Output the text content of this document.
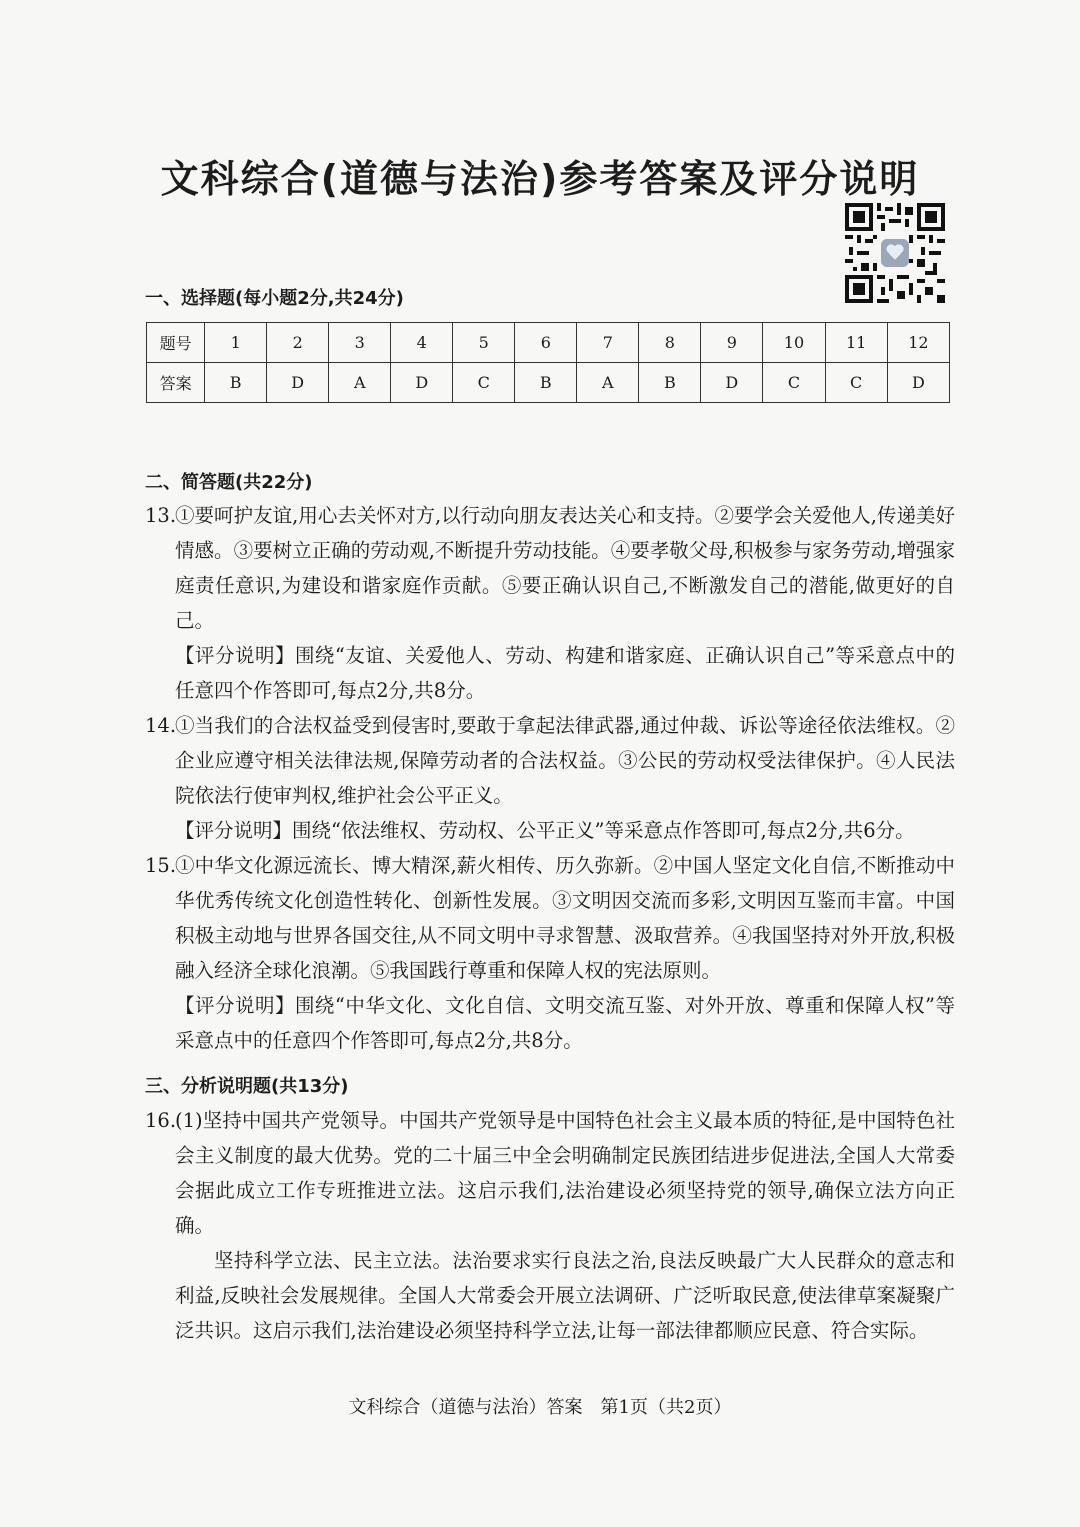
文科综合(道德与法治)参考答案及评分说明
一、选择题(每小题2分,共24分)
题号	1	2	3	4	5	6	7	8	9	10	11	12
答案	B	D	A	D	C	B	A	B	D	C	C	D
二、简答题(共22分)

13.
①要呵护友谊,用心去关怀对方,以行动向朋友表达关心和支持。②要学会关爱他人,传递美好情感。③要树立正确的劳动观,不断提升劳动技能。④要孝敬父母,积极参与家务劳动,增强家庭责任意识,为建设和谐家庭作贡献。⑤要正确认识自己,不断激发自己的潜能,做更好的自己。

【评分说明】围绕“友谊、关爱他人、劳动、构建和谐家庭、正确认识自己”等采意点中的任意四个作答即可,每点2分,共8分。

14.
①当我们的合法权益受到侵害时,要敢于拿起法律武器,通过仲裁、诉讼等途径依法维权。②企业应遵守相关法律法规,保障劳动者的合法权益。③公民的劳动权受法律保护。④人民法院依法行使审判权,维护社会公平正义。

【评分说明】围绕“依法维权、劳动权、公平正义”等采意点作答即可,每点2分,共6分。

15.
①中华文化源远流长、博大精深,薪火相传、历久弥新。②中国人坚定文化自信,不断推动中华优秀传统文化创造性转化、创新性发展。③文明因交流而多彩,文明因互鉴而丰富。中国积极主动地与世界各国交往,从不同文明中寻求智慧、汲取营养。④我国坚持对外开放,积极融入经济全球化浪潮。⑤我国践行尊重和保障人权的宪法原则。

【评分说明】围绕“中华文化、文化自信、文明交流互鉴、对外开放、尊重和保障人权”等采意点中的任意四个作答即可,每点2分,共8分。

三、分析说明题(共13分)

16.
(1)坚持中国共产党领导。中国共产党领导是中国特色社会主义最本质的特征,是中国特色社会主义制度的最大优势。党的二十届三中全会明确制定民族团结进步促进法,全国人大常委会据此成立工作专班推进立法。这启示我们,法治建设必须坚持党的领导,确保立法方向正确。

坚持科学立法、民主立法。法治要求实行良法之治,良法反映最广大人民群众的意志和利益,反映社会发展规律。全国人大常委会开展立法调研、广泛听取民意,使法律草案凝聚广泛共识。这启示我们,法治建设必须坚持科学立法,让每一部法律都顺应民意、符合实际。

文科综合（道德与法治）答案　第1页（共2页）
